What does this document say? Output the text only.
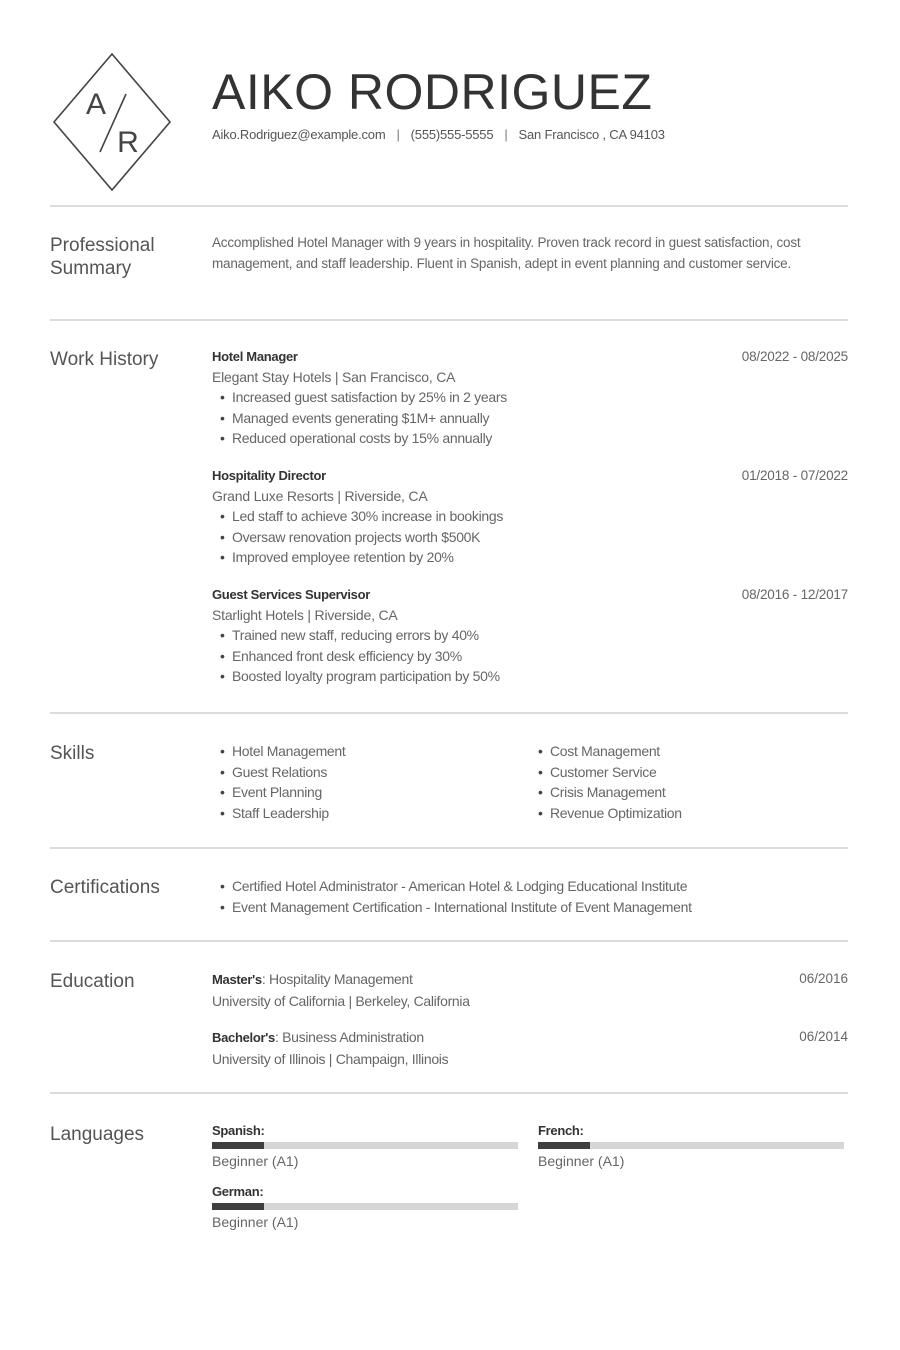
A
R
AIKO RODRIGUEZ
Aiko.Rodriguez@example.com | (555)555-5555 | San Francisco , CA 94103
Professional
Summary

Accomplished Hotel Manager with 9 years in hospitality. Proven track record in guest satisfaction, cost management, and staff leadership. Fluent in Spanish, adept in event planning and customer service.

Work History	Hotel Manager	08/2022 - 08/2025
Elegant Stay Hotels | San Francisco, CA
• Increased guest satisfaction by 25% in 2 years
• Managed events generating $1M+ annually
• Reduced operational costs by 15% annually
Hospitality Director	01/2018 - 07/2022
Grand Luxe Resorts | Riverside, CA
• Led staff to achieve 30% increase in bookings
• Oversaw renovation projects worth $500K
• Improved employee retention by 20%
Guest Services Supervisor	08/2016 - 12/2017
Starlight Hotels | Riverside, CA
• Trained new staff, reducing errors by 40%
• Enhanced front desk efficiency by 30%
• Boosted loyalty program participation by 50%
Skills	• Hotel Management
• Guest Relations
• Event Planning
• Staff Leadership
• Cost Management
• Customer Service
• Crisis Management
• Revenue Optimization
Certifications	• Certified Hotel Administrator - American Hotel & Lodging Educational Institute
• Event Management Certification - International Institute of Event Management
Education	Master's: Hospitality Management	06/2016
University of California | Berkeley, California
Bachelor's: Business Administration	06/2014
University of Illinois | Champaign, Illinois
Languages	Spanish:
Beginner (A1)
French:
Beginner (A1)
German:
Beginner (A1)
